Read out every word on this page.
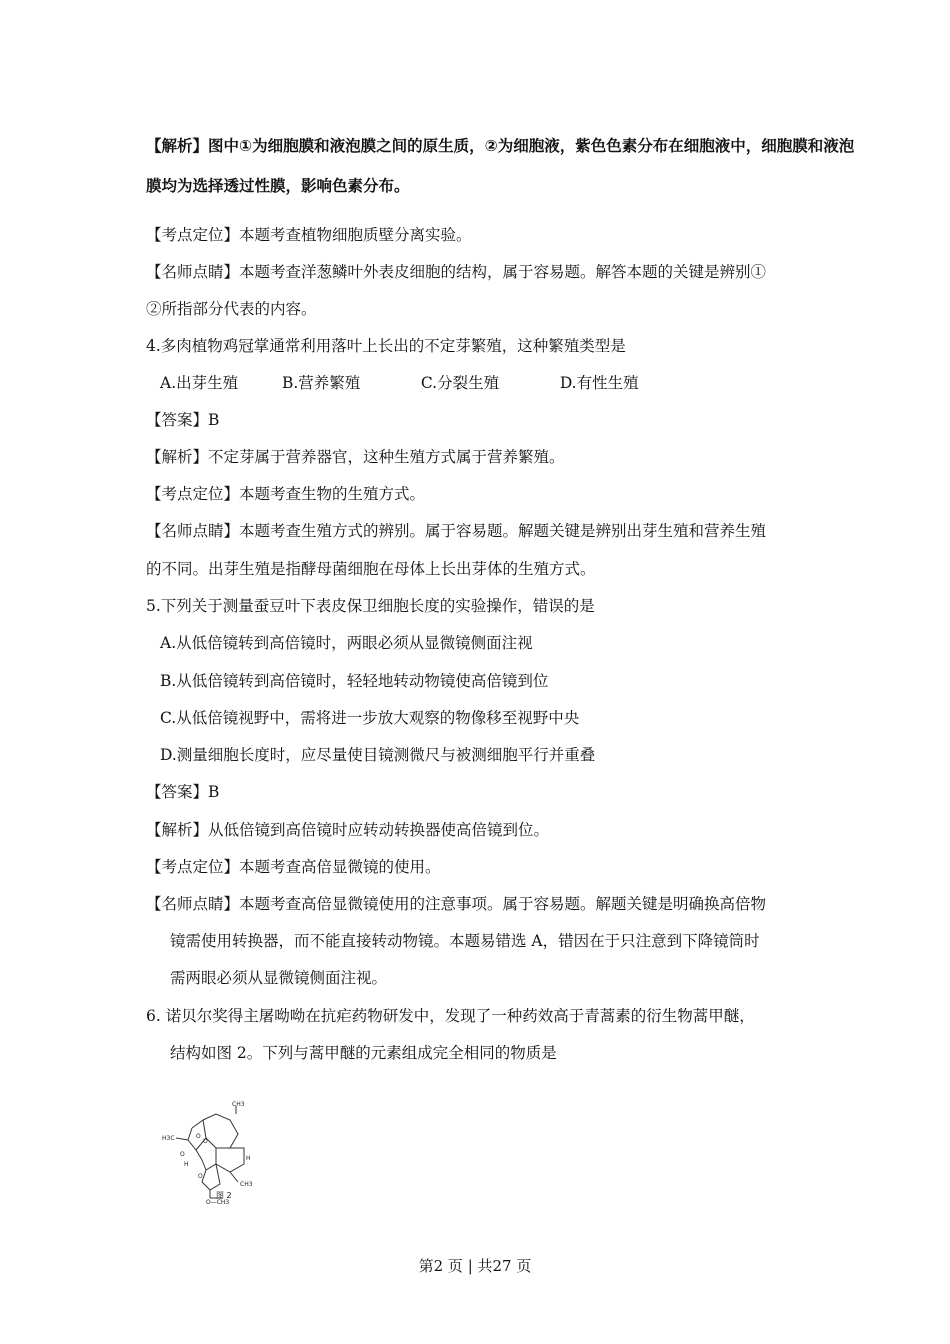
【解析】图中①为细胞膜和液泡膜之间的原生质，②为细胞液，紫色色素分布在细胞液中，细胞膜和液泡
膜均为选择透过性膜，影响色素分布。
【考点定位】本题考查植物细胞质壁分离实验。
【名师点睛】本题考查洋葱鳞叶外表皮细胞的结构，属于容易题。解答本题的关键是辨别①
②所指部分代表的内容。
4.多肉植物鸡冠掌通常利用落叶上长出的不定芽繁殖，这种繁殖类型是
A.出芽生殖	B.营养繁殖	C.分裂生殖	D.有性生殖
【答案】B
【解析】不定芽属于营养器官，这种生殖方式属于营养繁殖。
【考点定位】本题考查生物的生殖方式。
【名师点睛】本题考查生殖方式的辨别。属于容易题。解题关键是辨别出芽生殖和营养生殖
的不同。出芽生殖是指酵母菌细胞在母体上长出芽体的生殖方式。
5.下列关于测量蚕豆叶下表皮保卫细胞长度的实验操作，错误的是
A.从低倍镜转到高倍镜时，两眼必须从显微镜侧面注视
B.从低倍镜转到高倍镜时，轻轻地转动物镜使高倍镜到位
C.从低倍镜视野中，需将进一步放大观察的物像移至视野中央
D.测量细胞长度时，应尽量使目镜测微尺与被测细胞平行并重叠
【答案】B
【解析】从低倍镜到高倍镜时应转动转换器使高倍镜到位。
【考点定位】本题考查高倍显微镜的使用。
【名师点睛】本题考查高倍显微镜使用的注意事项。属于容易题。解题关键是明确换高倍物
镜需使用转换器，而不能直接转动物镜。本题易错选 A，错因在于只注意到下降镜筒时
需两眼必须从显微镜侧面注视。
6. 诺贝尔奖得主屠呦呦在抗疟药物研发中，发现了一种药效高于青蒿素的衍生物蒿甲醚，
结构如图 2。下列与蒿甲醚的元素组成完全相同的物质是
CH3
H3C	O
O
O
H
H
O
CH3
O—CH3
图 2
第2 页 | 共27 页
